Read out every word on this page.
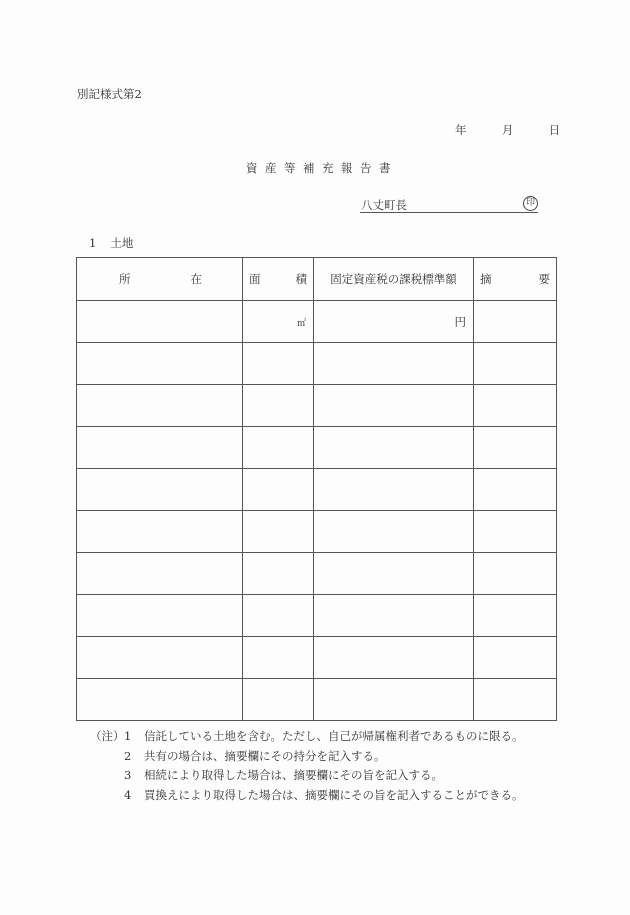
別記様式第2
年	月	日
資産等補充報告書
八丈町長	印
1 土地
所 在	面 積	固定資産税の課税標準額	摘 要

	㎡	円	

（注） 1	信託している土地を含む。ただし、自己が帰属権利者であるものに限る。
2	共有の場合は、摘要欄にその持分を記入する。
3	相続により取得した場合は、摘要欄にその旨を記入する。
4	買換えにより取得した場合は、摘要欄にその旨を記入することができる。
